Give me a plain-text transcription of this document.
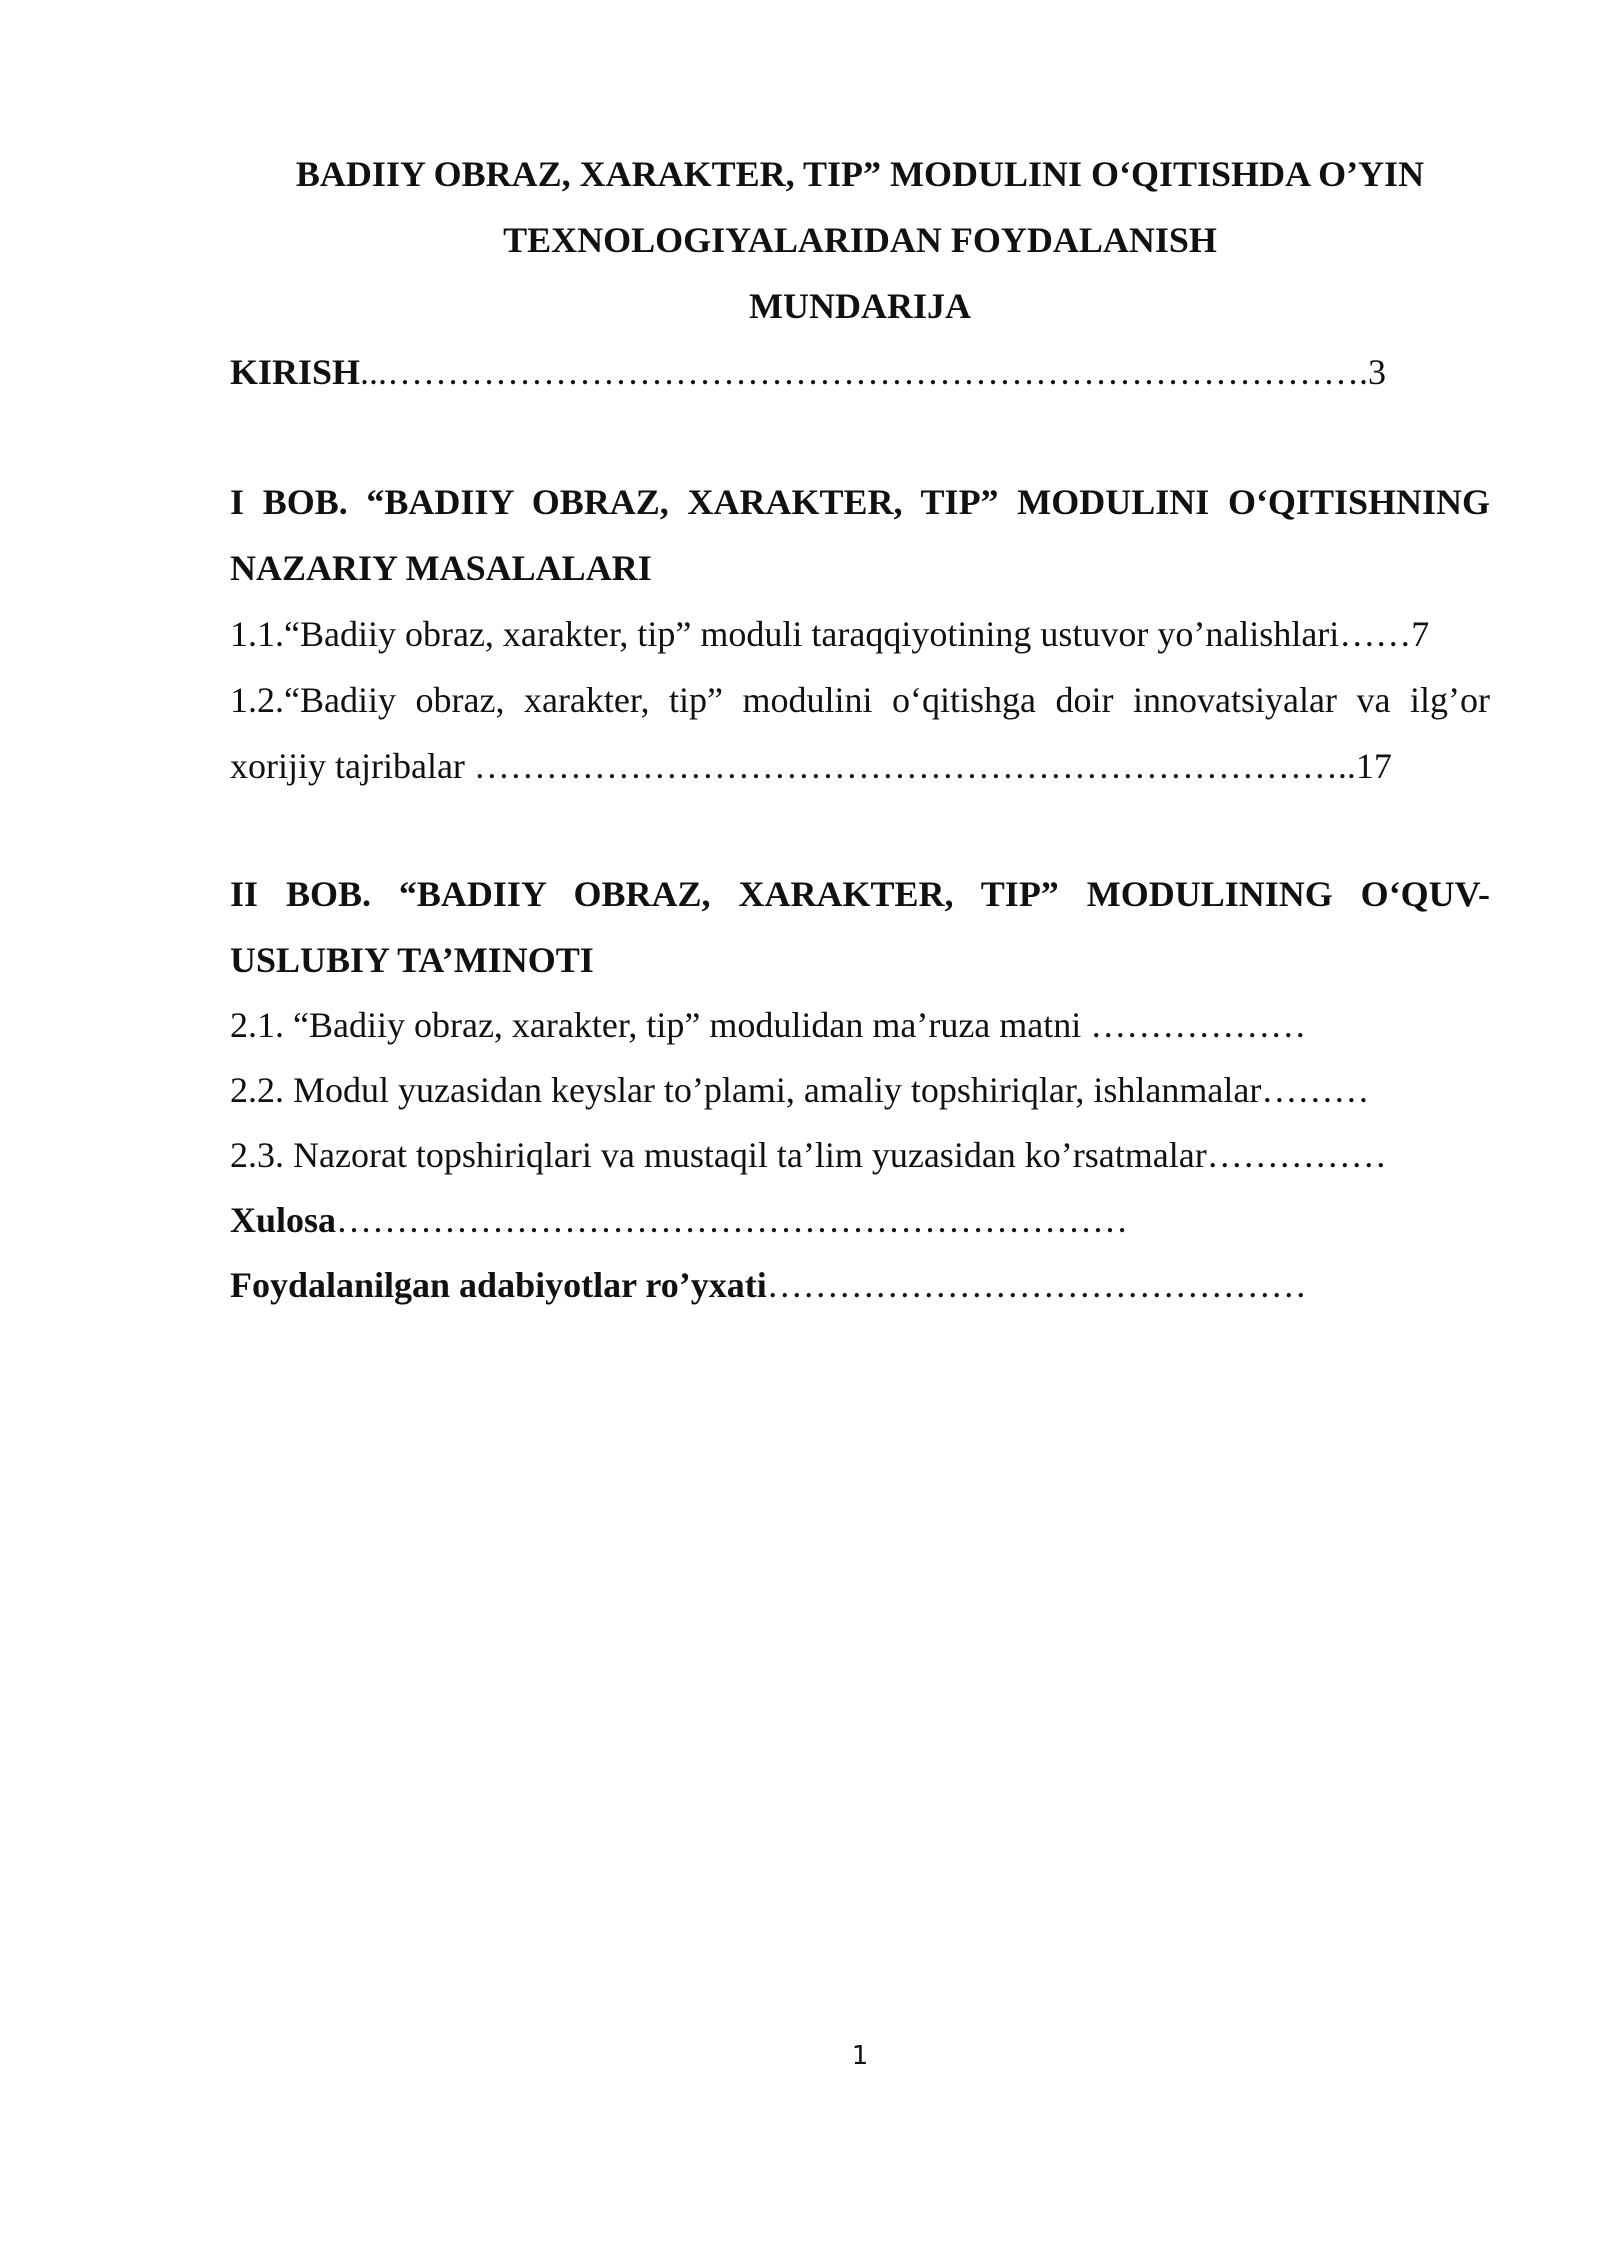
BADIIY OBRAZ, XARAKTER, TIP” MODULINI O‘QITISHDA O’YIN
TEXNOLOGIYALARIDAN FOYDALANISH
MUNDARIJA
KIRISH...……………………………………………………………………….3
I BOB. “BADIIY OBRAZ, XARAKTER, TIP” MODULINI O‘QITISHNING
NAZARIY MASALALARI
1.1.“Badiiy obraz, xarakter, tip” moduli taraqqiyotining ustuvor yo’nalishlari……7
1.2.“Badiiy obraz, xarakter, tip” modulini o‘qitishga doir innovatsiyalar va ilg’or
xorijiy tajribalar ………………………………………………………………..17
II BOB. “BADIIY OBRAZ, XARAKTER, TIP” MODULINING O‘QUV-
USLUBIY TA’MINOTI
2.1. “Badiiy obraz, xarakter, tip” modulidan ma’ruza matni ………………
2.2. Modul yuzasidan keyslar to’plami, amaliy topshiriqlar, ishlanmalar………
2.3. Nazorat topshiriqlari va mustaqil ta’lim yuzasidan ko’rsatmalar……………
Xulosa…………………………………………………………
Foydalanilgan adabiyotlar ro’yxati………………………………………
1
